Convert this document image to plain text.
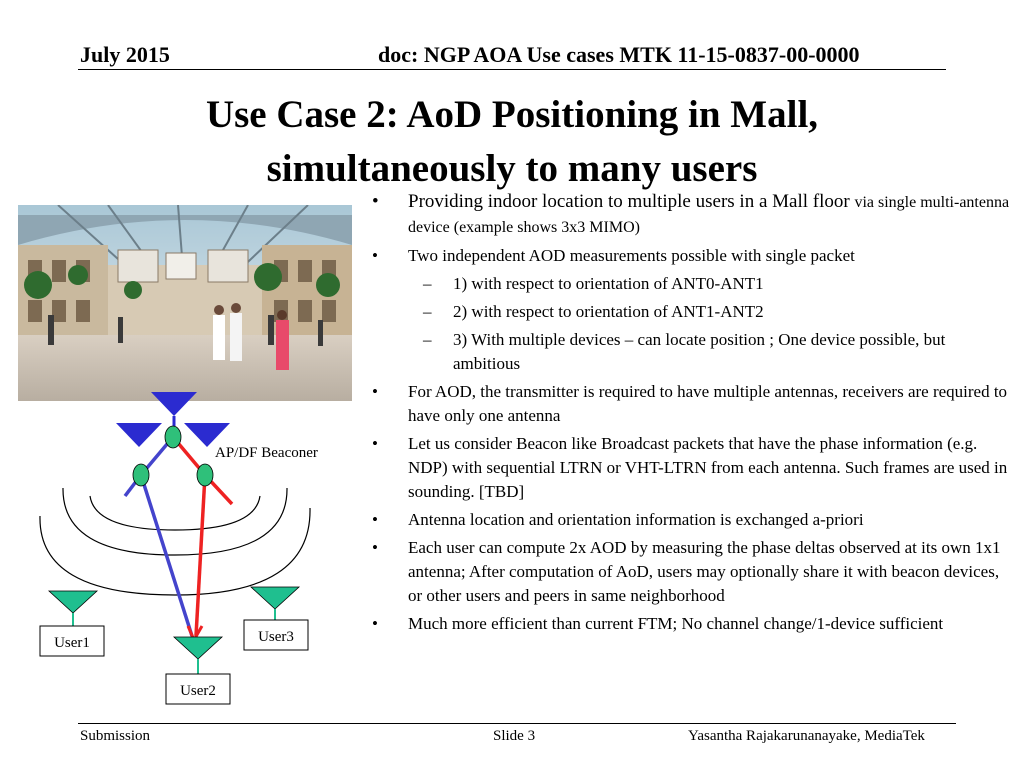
July 2015	doc: NGP AOA Use cases MTK 11-15-0837-00-0000
Use Case 2: AoD Positioning in Mall,
simultaneously to many users
AP/DF Beaconer
User1	User3
User2

• Providing indoor location to multiple users in a Mall floor via single multi-antenna device (example shows 3x3 MIMO)

• Two independent AOD measurements possible with single packet

– 1) with respect to orientation of ANT0-ANT1

– 2) with respect to orientation of ANT1-ANT2

– 3) With multiple devices – can locate position ; One device possible, but ambitious

• For AOD, the transmitter is required to have multiple antennas, receivers are required to have only one antenna

• Let us consider Beacon like Broadcast packets that have the phase information (e.g. NDP) with sequential LTRN or VHT-LTRN from each antenna. Such frames are used in sounding. [TBD]

• Antenna location and orientation information is exchanged a-priori

• Each user can compute 2x AOD by measuring the phase deltas observed at its own 1x1 antenna; After computation of AoD, users may optionally share it with beacon devices, or other users and peers in same neighborhood

• Much more efficient than current FTM; No channel change/1-device sufficient

Submission	Slide 3	Yasantha Rajakarunanayake, MediaTek
